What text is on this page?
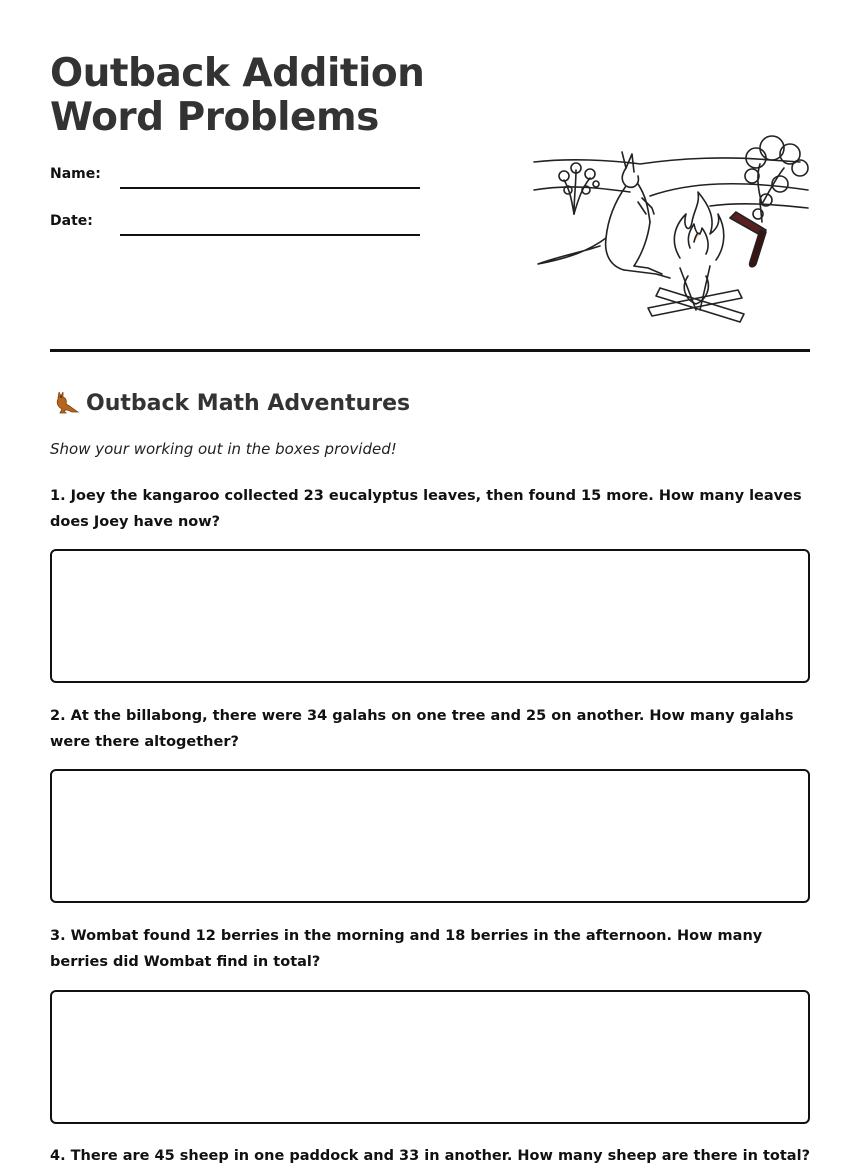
Outback Addition Word Problems
Name:
Date:
Outback Math Adventures
Show your working out in the boxes provided!

1. Joey the kangaroo collected 23 eucalyptus leaves, then found 15 more. How many leaves does Joey have now?

2. At the billabong, there were 34 galahs on one tree and 25 on another. How many galahs were there altogether?

3. Wombat found 12 berries in the morning and 18 berries in the afternoon. How many berries did Wombat find in total?

4. There are 45 sheep in one paddock and 33 in another. How many sheep are there in total?
